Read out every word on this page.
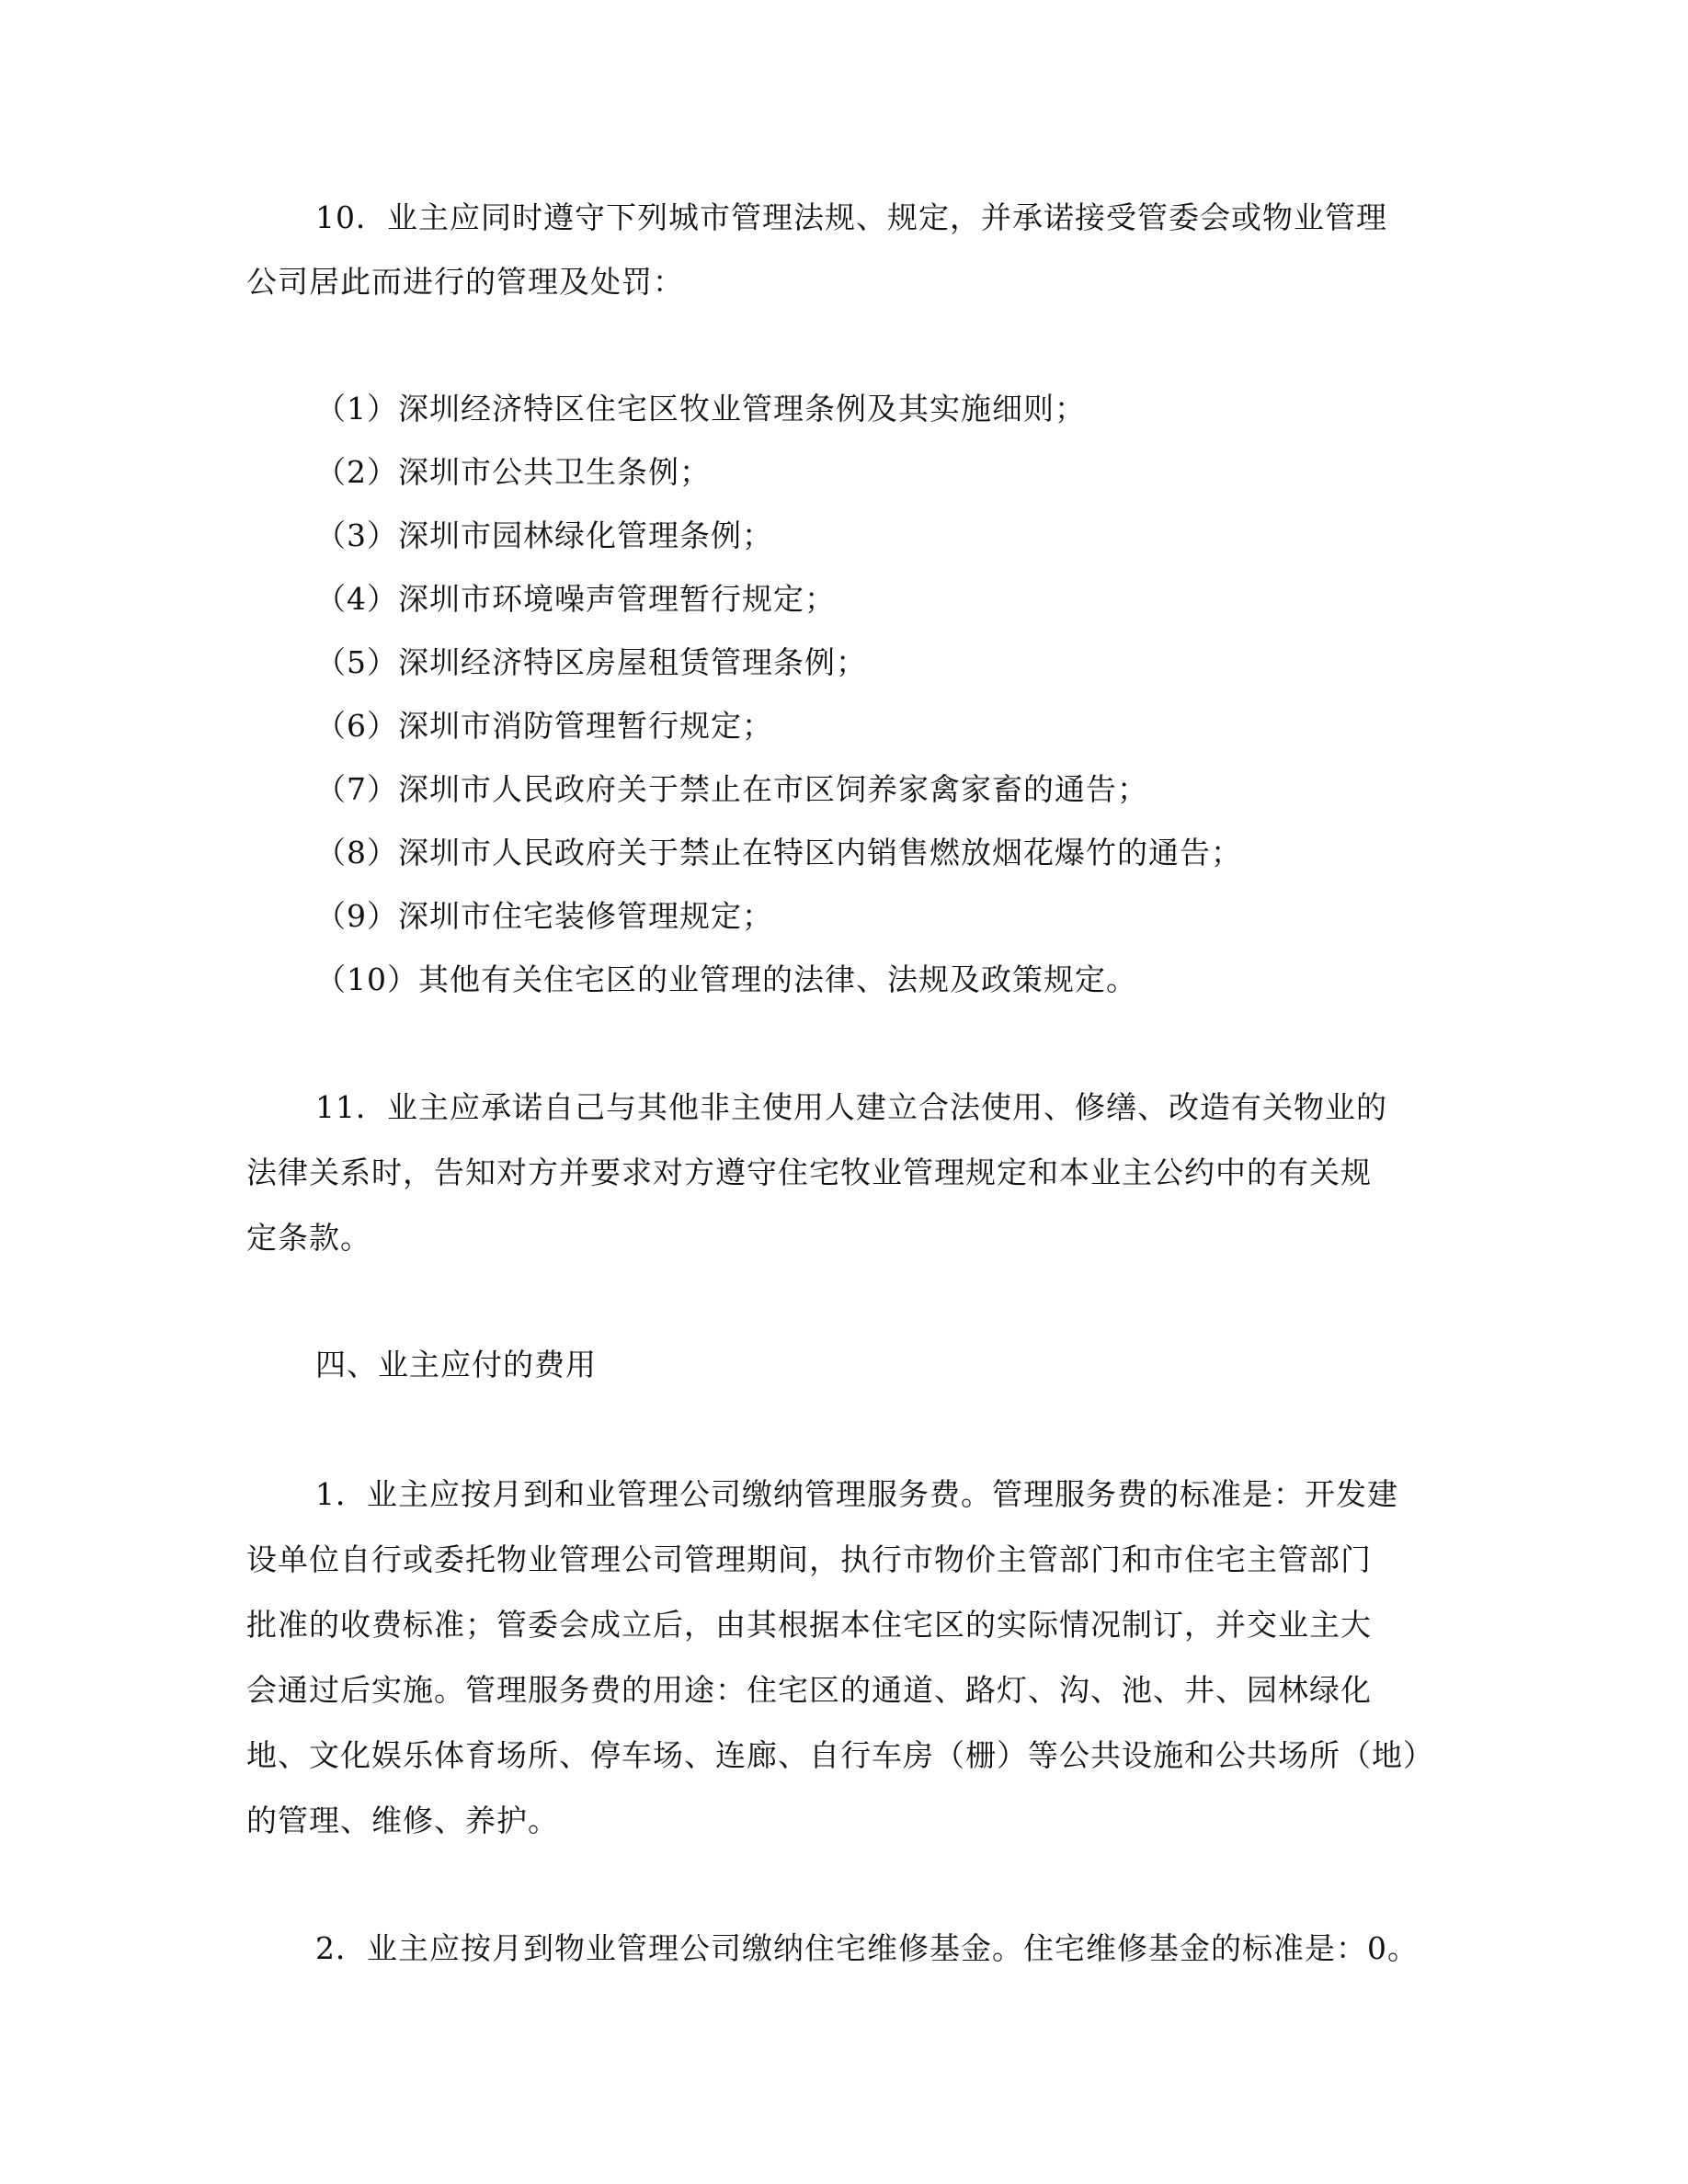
10．业主应同时遵守下列城市管理法规、规定，并承诺接受管委会或物业管理
公司居此而进行的管理及处罚：
（1）深圳经济特区住宅区牧业管理条例及其实施细则；
（2）深圳市公共卫生条例；
（3）深圳市园林绿化管理条例；
（4）深圳市环境噪声管理暂行规定；
（5）深圳经济特区房屋租赁管理条例；
（6）深圳市消防管理暂行规定；
（7）深圳市人民政府关于禁止在市区饲养家禽家畜的通告；
（8）深圳市人民政府关于禁止在特区内销售燃放烟花爆竹的通告；
（9）深圳市住宅装修管理规定；
（10）其他有关住宅区的业管理的法律、法规及政策规定。
11．业主应承诺自己与其他非主使用人建立合法使用、修缮、改造有关物业的
法律关系时，告知对方并要求对方遵守住宅牧业管理规定和本业主公约中的有关规
定条款。
四、业主应付的费用
1．业主应按月到和业管理公司缴纳管理服务费。管理服务费的标准是：开发建
设单位自行或委托物业管理公司管理期间，执行市物价主管部门和市住宅主管部门
批准的收费标准；管委会成立后，由其根据本住宅区的实际情况制订，并交业主大
会通过后实施。管理服务费的用途：住宅区的通道、路灯、沟、池、井、园林绿化
地、文化娱乐体育场所、停车场、连廊、自行车房（栅）等公共设施和公共场所（地）
的管理、维修、养护。
2．业主应按月到物业管理公司缴纳住宅维修基金。住宅维修基金的标准是：0。
